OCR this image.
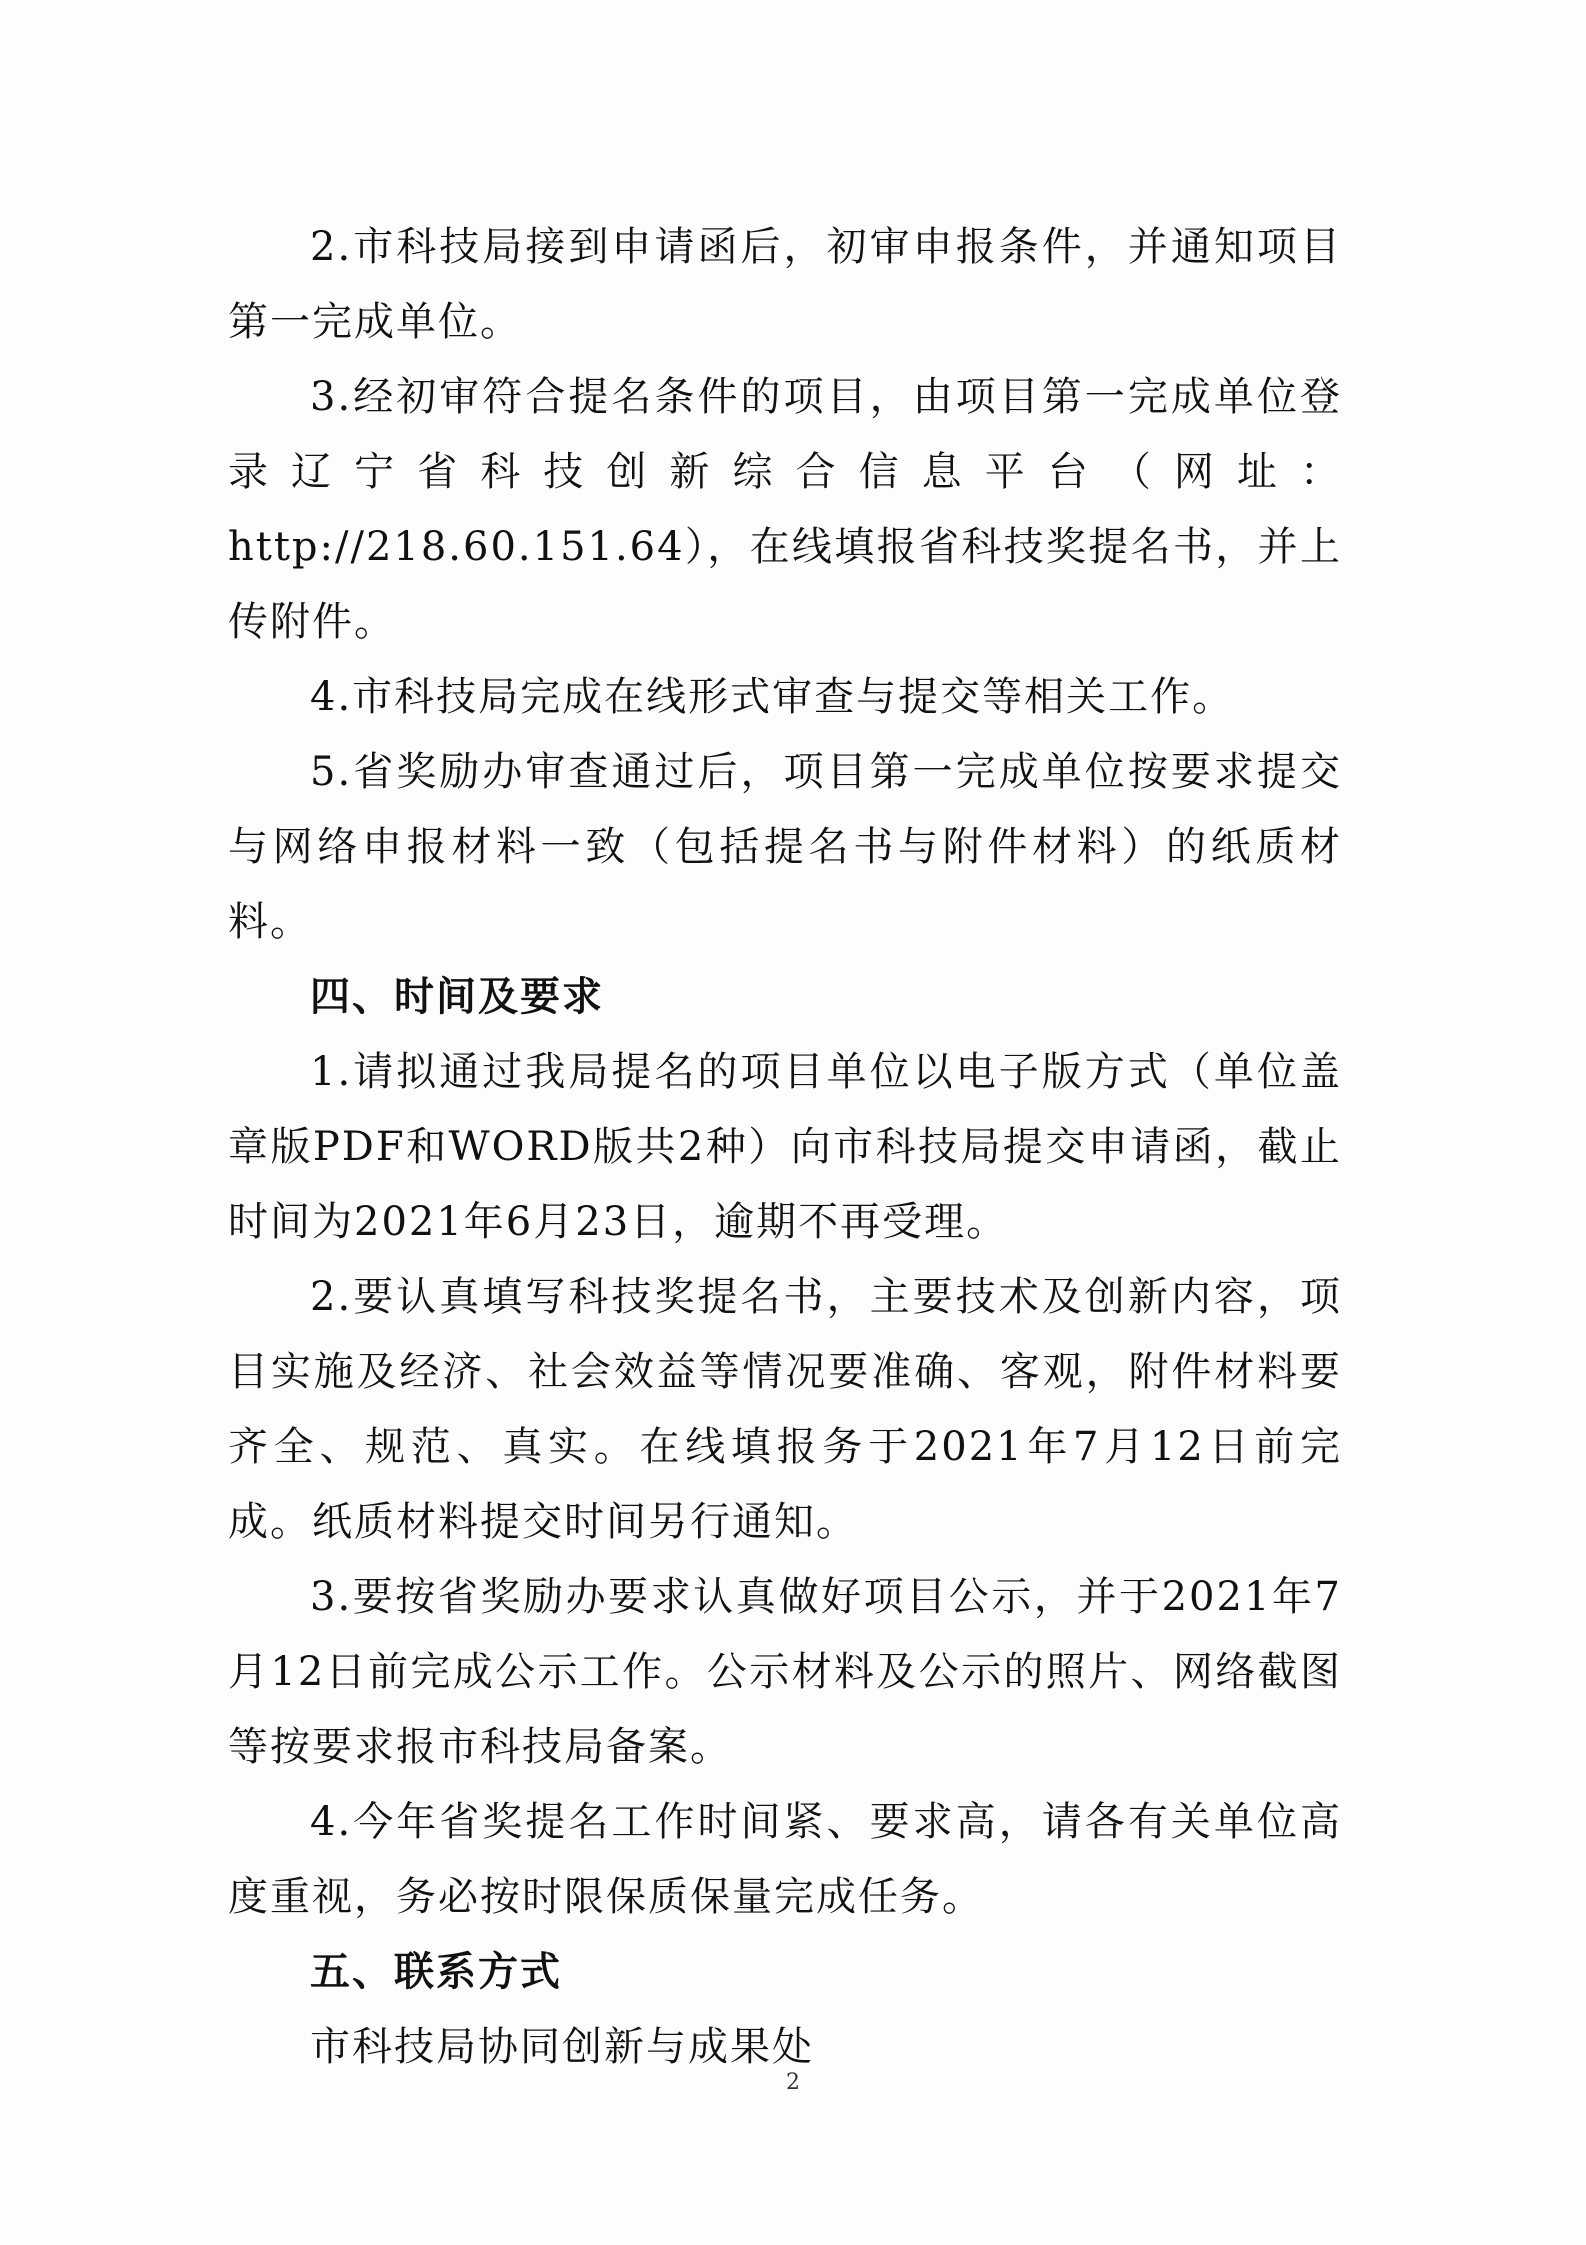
2.市科技局接到申请函后，初审申报条件，并通知项目第一完成单位。

3.经初审符合提名条件的项目，由项目第一完成单位登录辽宁省科技创新综合信息平台（网址：http://218.60.151.64），在线填报省科技奖提名书，并上传附件。

4.市科技局完成在线形式审查与提交等相关工作。

5.省奖励办审查通过后，项目第一完成单位按要求提交与网络申报材料一致（包括提名书与附件材料）的纸质材料。

四、时间及要求

1.请拟通过我局提名的项目单位以电子版方式（单位盖章版PDF和WORD版共2种）向市科技局提交申请函，截止时间为2021年6月23日，逾期不再受理。

2.要认真填写科技奖提名书，主要技术及创新内容，项目实施及经济、社会效益等情况要准确、客观，附件材料要齐全、规范、真实。在线填报务于2021年7月12日前完成。纸质材料提交时间另行通知。

3.要按省奖励办要求认真做好项目公示，并于2021年7月12日前完成公示工作。公示材料及公示的照片、网络截图等按要求报市科技局备案。

4.今年省奖提名工作时间紧、要求高，请各有关单位高度重视，务必按时限保质保量完成任务。

五、联系方式

市科技局协同创新与成果处

2
